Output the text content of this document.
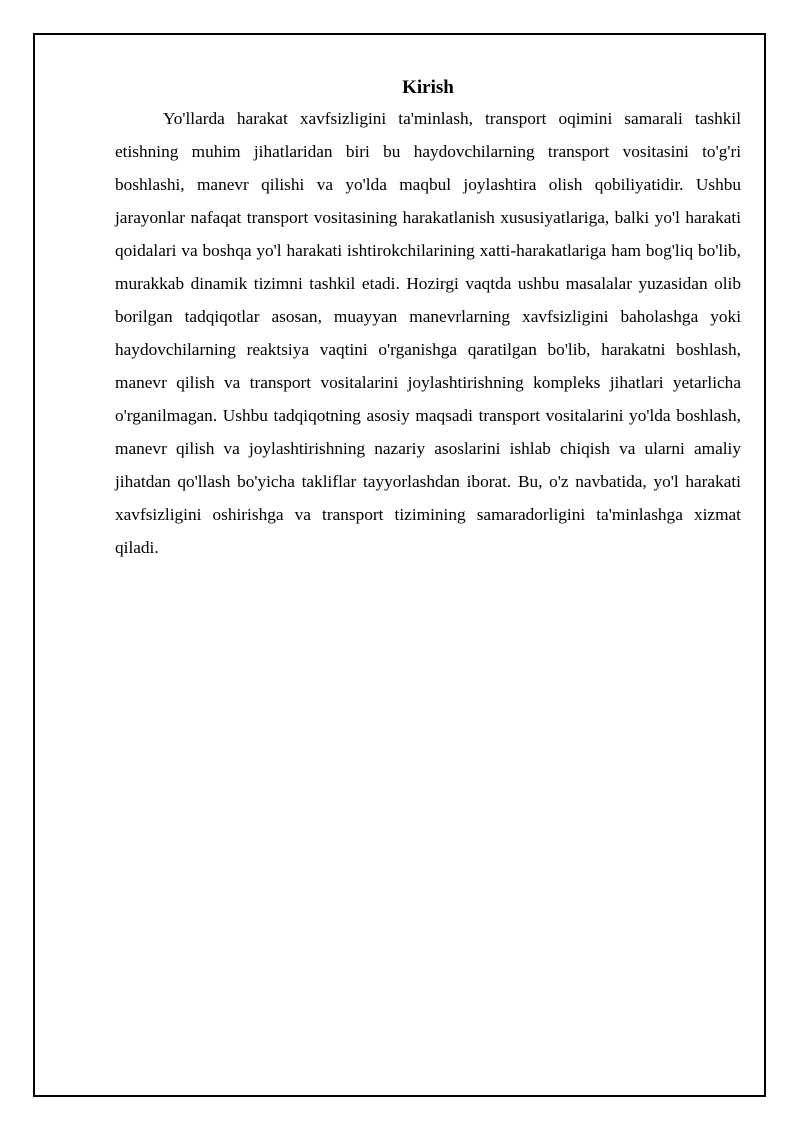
Kirish

Yo'llarda harakat xavfsizligini ta'minlash, transport oqimini samarali tashkil etishning muhim jihatlaridan biri bu haydovchilarning transport vositasini to'g'ri boshlashi, manevr qilishi va yo'lda maqbul joylashtira olish qobiliyatidir. Ushbu jarayonlar nafaqat transport vositasining harakatlanish xususiyatlariga, balki yo'l harakati qoidalari va boshqa yo'l harakati ishtirokchilarining xatti-harakatlariga ham bog'liq bo'lib, murakkab dinamik tizimni tashkil etadi. Hozirgi vaqtda ushbu masalalar yuzasidan olib borilgan tadqiqotlar asosan, muayyan manevrlarning xavfsizligini baholashga yoki haydovchilarning reaktsiya vaqtini o'rganishga qaratilgan bo'lib, harakatni boshlash, manevr qilish va transport vositalarini joylashtirishning kompleks jihatlari yetarlicha o'rganilmagan. Ushbu tadqiqotning asosiy maqsadi transport vositalarini yo'lda boshlash, manevr qilish va joylashtirishning nazariy asoslarini ishlab chiqish va ularni amaliy jihatdan qo'llash bo'yicha takliflar tayyorlashdan iborat. Bu, o'z navbatida, yo'l harakati xavfsizligini oshirishga va transport tizimining samaradorligini ta'minlashga xizmat qiladi.
